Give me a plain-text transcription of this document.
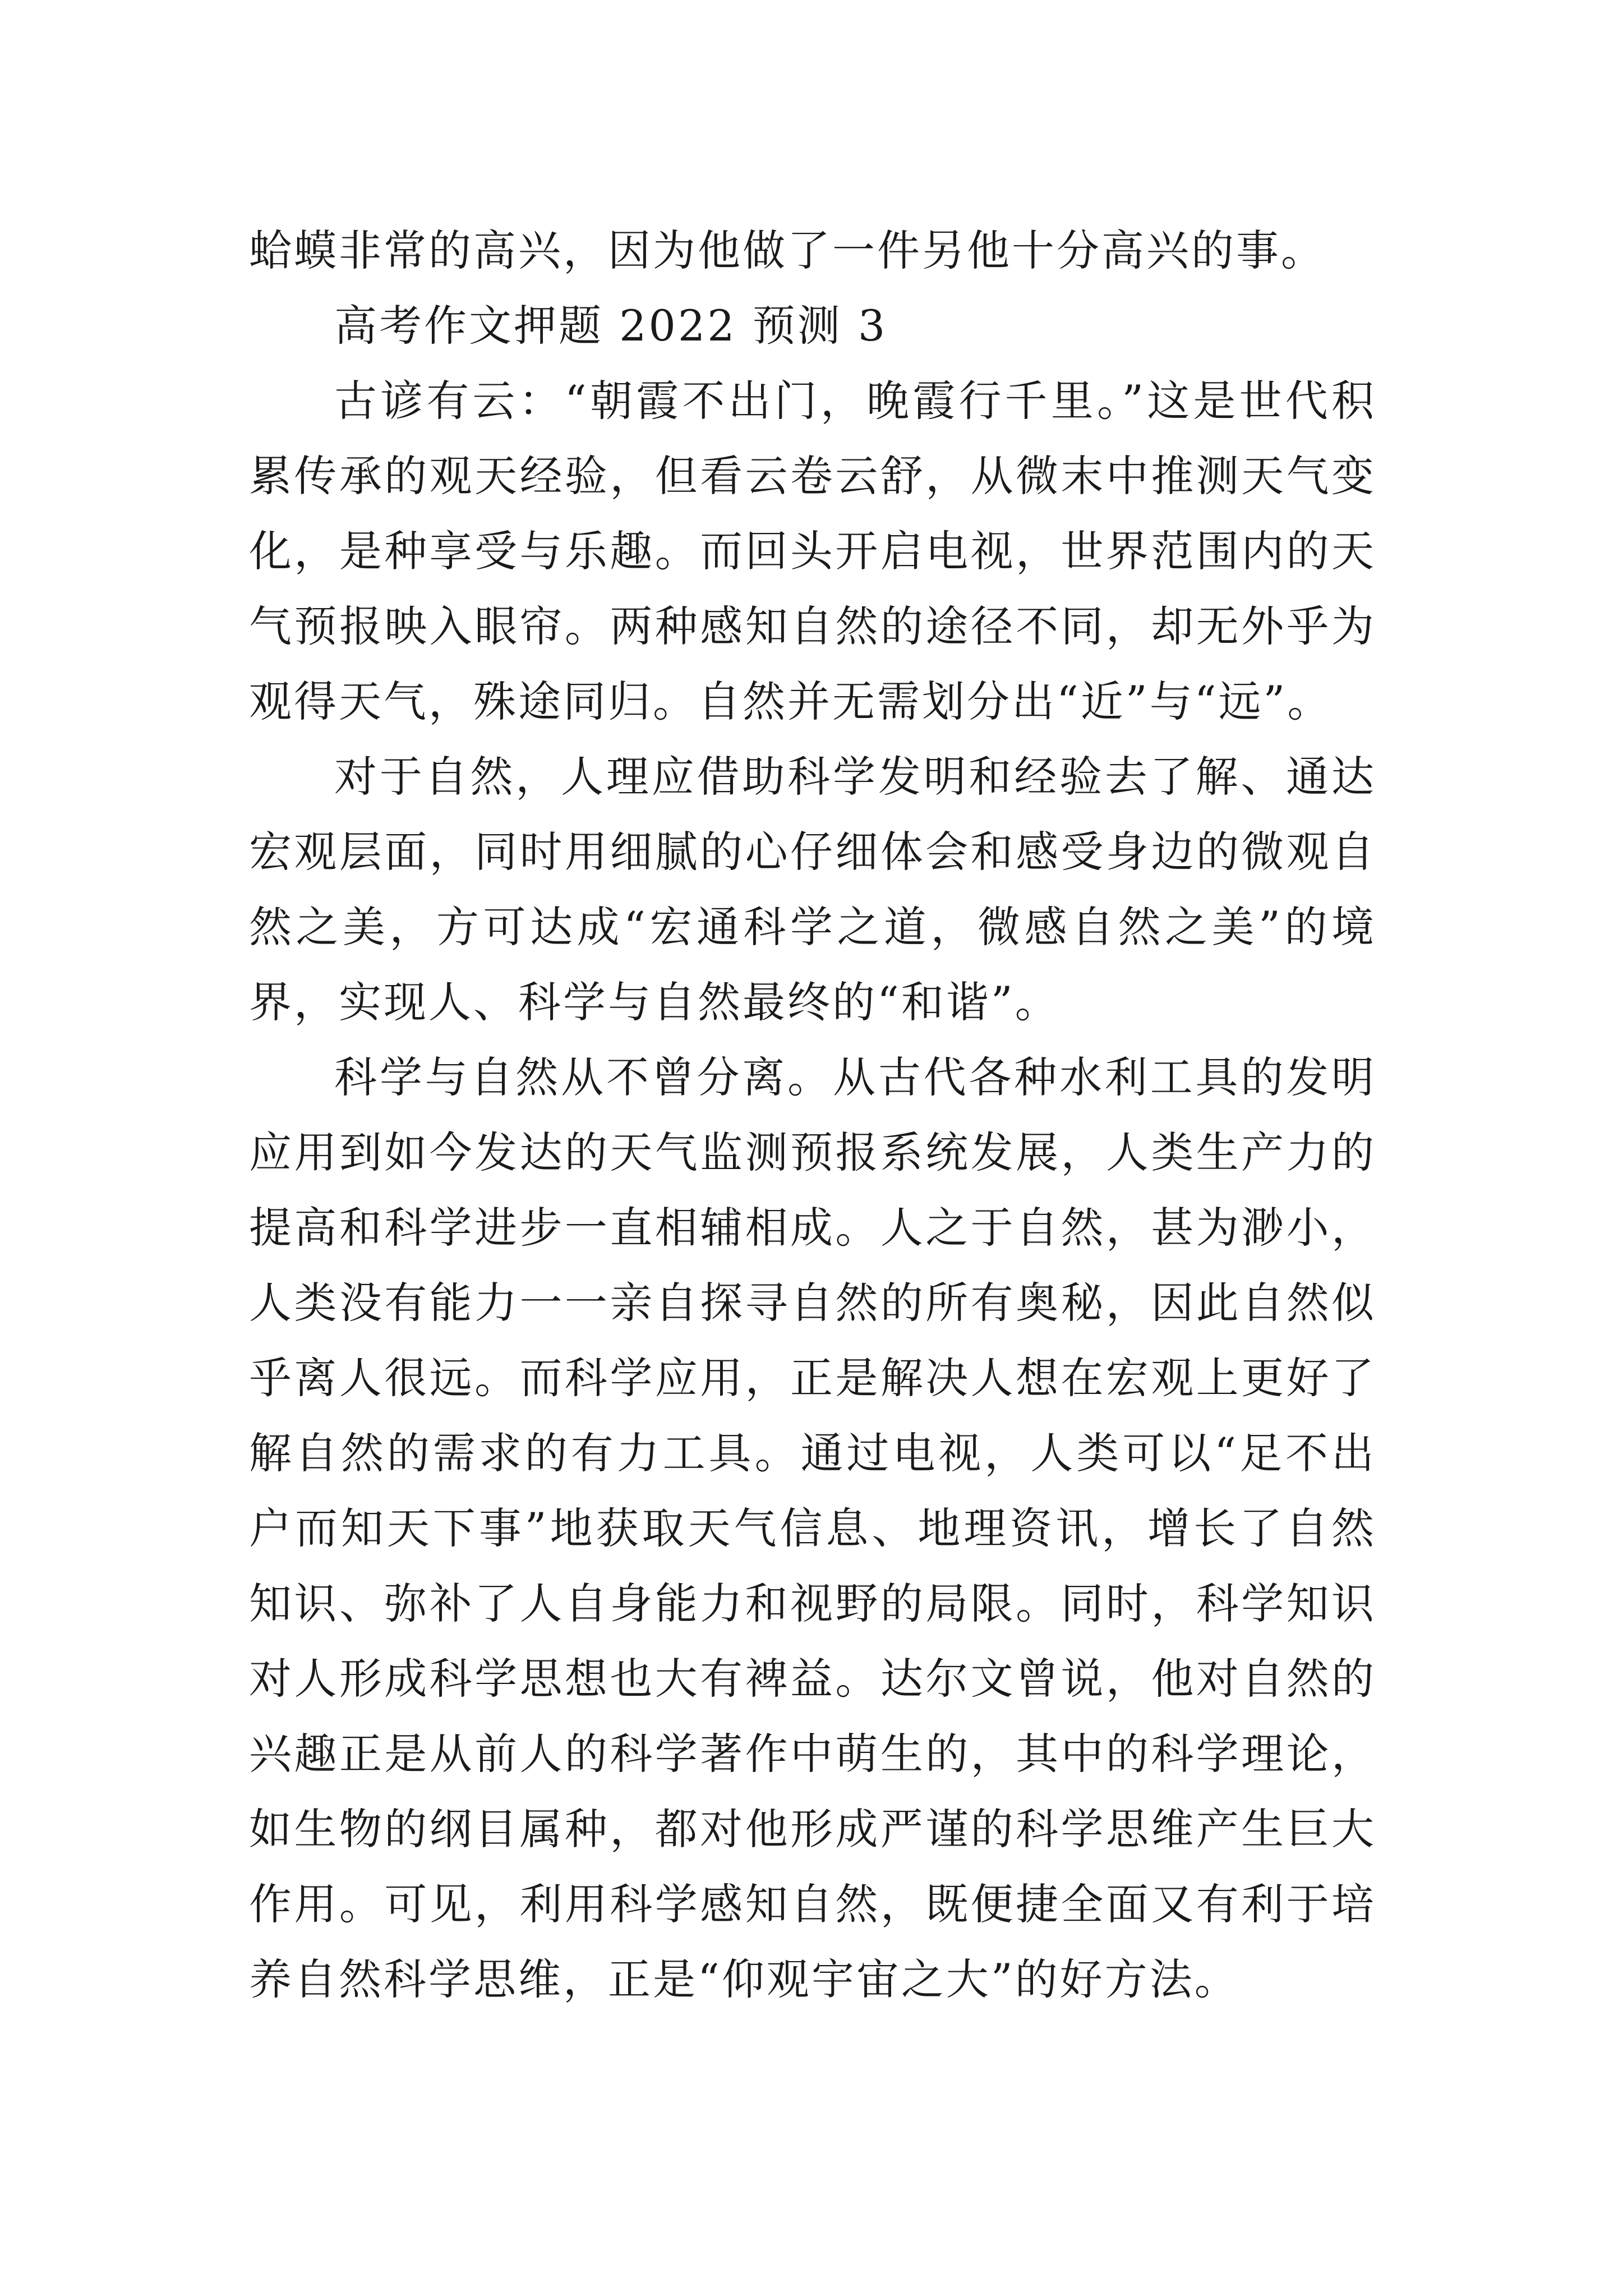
蛤蟆非常的高兴，因为他做了一件另他十分高兴的事。

高考作文押题 2022 预测 3

古谚有云：“朝霞不出门，晚霞行千里。”这是世代积累传承的观天经验，但看云卷云舒，从微末中推测天气变化，是种享受与乐趣。而回头开启电视，世界范围内的天气预报映入眼帘。两种感知自然的途径不同，却无外乎为观得天气，殊途同归。自然并无需划分出“近”与“远”。

对于自然，人理应借助科学发明和经验去了解、通达宏观层面，同时用细腻的心仔细体会和感受身边的微观自然之美，方可达成“宏通科学之道，微感自然之美”的境界，实现人、科学与自然最终的“和谐”。

科学与自然从不曾分离。从古代各种水利工具的发明应用到如今发达的天气监测预报系统发展，人类生产力的提高和科学进步一直相辅相成。人之于自然，甚为渺小，人类没有能力一一亲自探寻自然的所有奥秘，因此自然似乎离人很远。而科学应用，正是解决人想在宏观上更好了解自然的需求的有力工具。通过电视，人类可以“足不出户而知天下事”地获取天气信息、地理资讯，增长了自然知识、弥补了人自身能力和视野的局限。同时，科学知识对人形成科学思想也大有裨益。达尔文曾说，他对自然的兴趣正是从前人的科学著作中萌生的，其中的科学理论，如生物的纲目属种，都对他形成严谨的科学思维产生巨大作用。可见，利用科学感知自然，既便捷全面又有利于培养自然科学思维，正是“仰观宇宙之大”的好方法。
